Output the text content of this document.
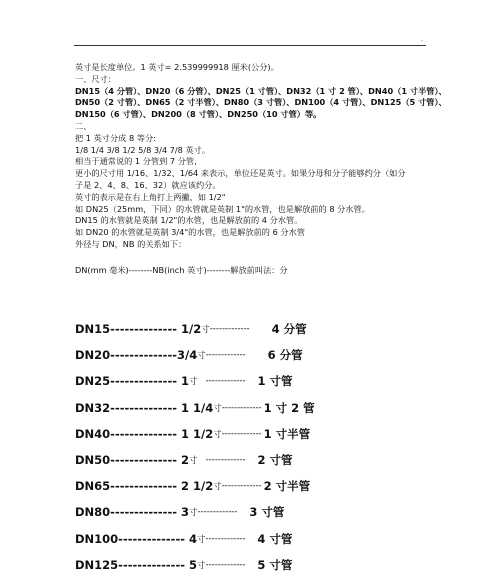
.
英寸是长度单位。1 英寸= 2.539999918 厘米(公分)。
一、尺寸：
DN15（4 分管）、DN20（6 分管）、DN25（1 寸管）、DN32（1 寸 2 管）、DN40（1 寸半管）、
DN50（2 寸管）、DN65（2 寸半管）、DN80（3 寸管）、DN100（4 寸管）、DN125（5 寸管）、
DN150（6 寸管）、DN200（8 寸管）、DN250（10 寸管）等。
二、
把 1 英寸分成 8 等分:
1/8 1/4 3/8 1/2 5/8 3/4 7/8 英寸。
相当于通常说的 1 分管到 7 分管,
更小的尺寸用 1/16、1/32、1/64 来表示，单位还是英寸。如果分母和分子能够约分（如分
子是 2、4、8、16、32）就应该约分。
英寸的表示是在右上角打上两撇，如 1/2"
如 DN25（25mm，下同）的水管就是英制 1"的水管，也是解放前的 8 分水管。
DN15 的水管就是英制 1/2"的水管，也是解放前的 4 分水管。
如 DN20 的水管就是英制 3/4"的水管，也是解放前的 6 分水管
外径与 DN，NB 的关系如下：
DN(mm 毫米)--------NB(inch 英寸)--------解放前叫法：分
DN15-------------- 1/2 寸 ------------- 4 分管
DN20--------------3/4 寸 ------------- 6 分管
DN25-------------- 1 寸 ------------- 1 寸管
DN32-------------- 1 1/4 寸 ------------- 1 寸 2 管
DN40-------------- 1 1/2 寸 ------------- 1 寸半管
DN50-------------- 2 寸 ------------- 2 寸管
DN65-------------- 2 1/2 寸 ------------- 2 寸半管
DN80-------------- 3 寸 ------------- 3 寸管
DN100-------------- 4 寸 ------------- 4 寸管
DN125-------------- 5 寸 ------------- 5 寸管
